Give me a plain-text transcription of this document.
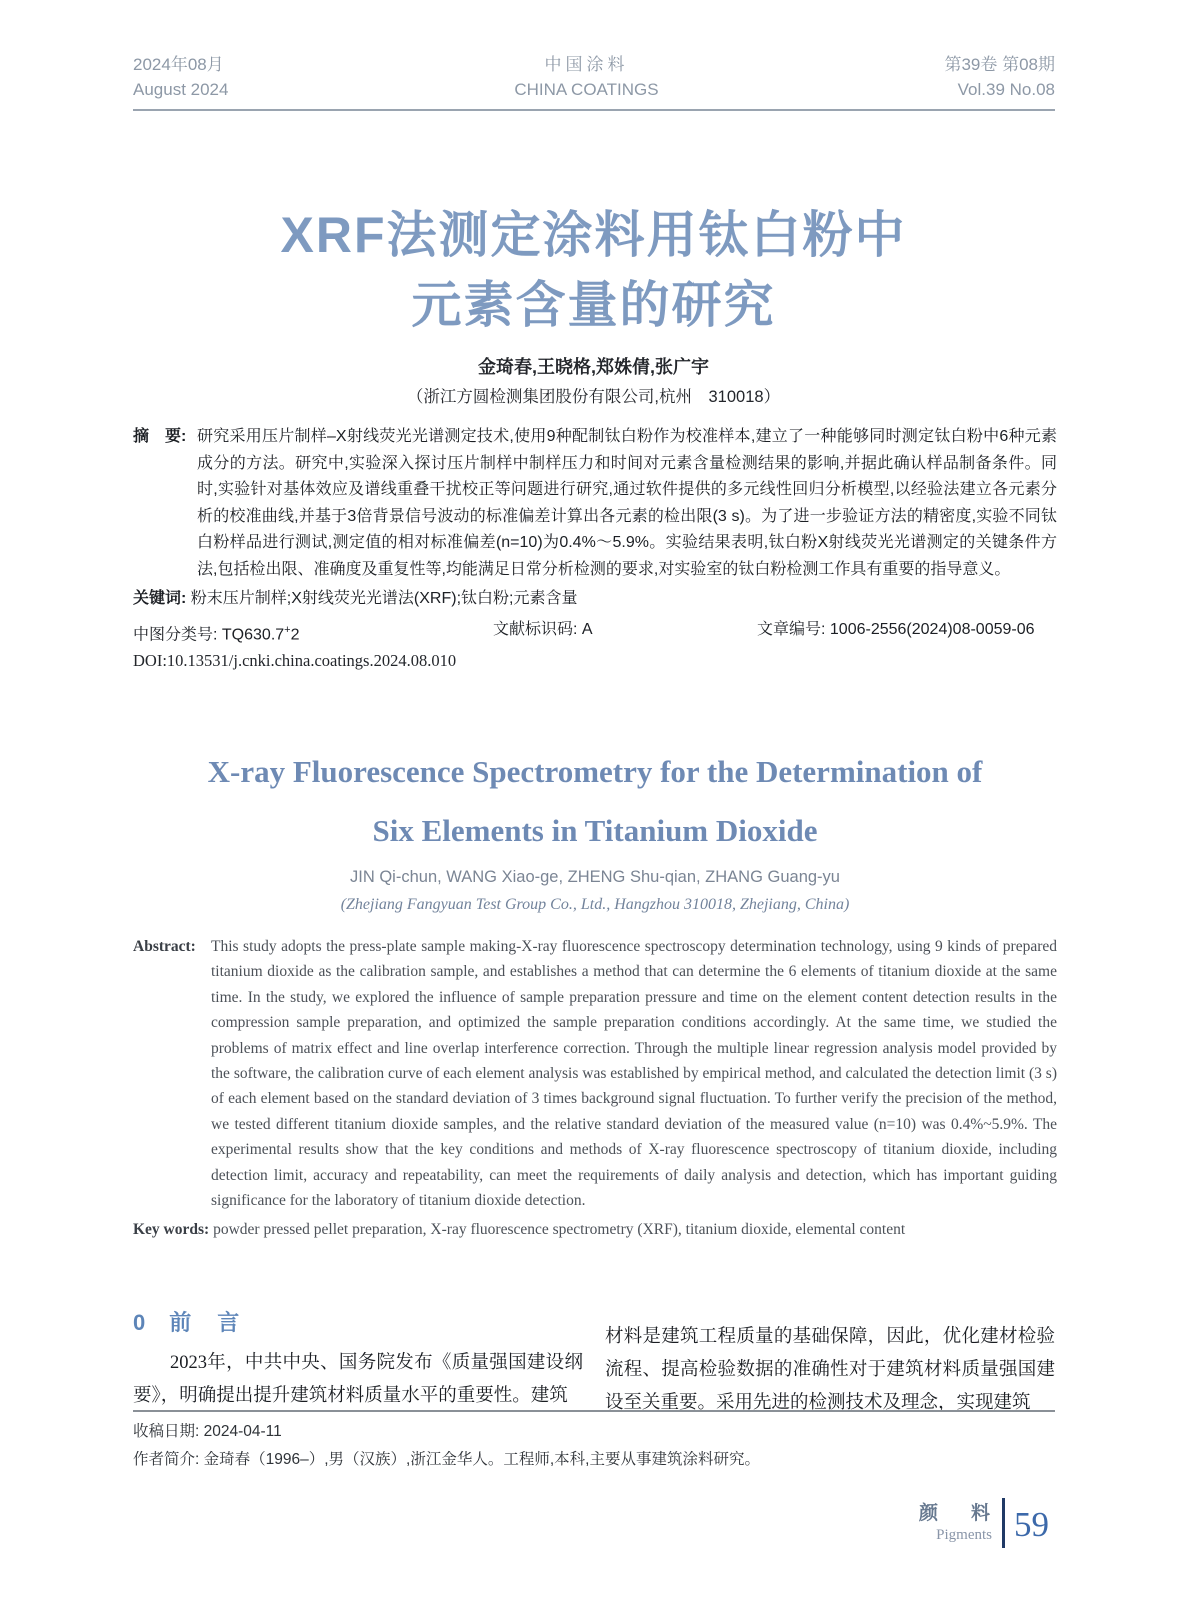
2024年08月
August 2024
中国涂料
CHINA COATINGS
第39卷 第08期
Vol.39 No.08
XRF法测定涂料用钛白粉中
元素含量的研究
金琦春,王晓格,郑姝倩,张广宇
（浙江方圆检测集团股份有限公司,杭州　310018）
摘　要: 研究采用压片制样–X射线荧光光谱测定技术,使用9种配制钛白粉作为校准样本,建立了一种能够同时测定钛白粉中6种元素成分的方法。研究中,实验深入探讨压片制样中制样压力和时间对元素含量检测结果的影响,并据此确认样品制备条件。同时,实验针对基体效应及谱线重叠干扰校正等问题进行研究,通过软件提供的多元线性回归分析模型,以经验法建立各元素分析的校准曲线,并基于3倍背景信号波动的标准偏差计算出各元素的检出限(3 s)。为了进一步验证方法的精密度,实验不同钛白粉样品进行测试,测定值的相对标准偏差(n=10)为0.4%～5.9%。实验结果表明,钛白粉X射线荧光光谱测定的关键条件方法,包括检出限、准确度及重复性等,均能满足日常分析检测的要求,对实验室的钛白粉检测工作具有重要的指导意义。
关键词: 粉末压片制样;X射线荧光光谱法(XRF);钛白粉;元素含量
中图分类号: TQ630.7+2	文献标识码: A	文章编号: 1006-2556(2024)08-0059-06
DOI:10.13531/j.cnki.china.coatings.2024.08.010
X-ray Fluorescence Spectrometry for the Determination of
Six Elements in Titanium Dioxide
JIN Qi-chun, WANG Xiao-ge, ZHENG Shu-qian, ZHANG Guang-yu
(Zhejiang Fangyuan Test Group Co., Ltd., Hangzhou 310018, Zhejiang, China)
Abstract: This study adopts the press-plate sample making-X-ray fluorescence spectroscopy determination technology, using 9 kinds of prepared titanium dioxide as the calibration sample, and establishes a method that can determine the 6 elements of titanium dioxide at the same time. In the study, we explored the influence of sample preparation pressure and time on the element content detection results in the compression sample preparation, and optimized the sample preparation conditions accordingly. At the same time, we studied the problems of matrix effect and line overlap interference correction. Through the multiple linear regression analysis model provided by the software, the calibration curve of each element analysis was established by empirical method, and calculated the detection limit (3 s) of each element based on the standard deviation of 3 times background signal fluctuation. To further verify the precision of the method, we tested different titanium dioxide samples, and the relative standard deviation of the measured value (n=10) was 0.4%~5.9%. The experimental results show that the key conditions and methods of X-ray fluorescence spectroscopy of titanium dioxide, including detection limit, accuracy and repeatability, can meet the requirements of daily analysis and detection, which has important guiding significance for the laboratory of titanium dioxide detection.
Key words: powder pressed pellet preparation, X-ray fluorescence spectrometry (XRF), titanium dioxide, elemental content
0 前　言

2023年，中共中央、国务院发布《质量强国建设纲要》，明确提出提升建筑材料质量水平的重要性。建筑

材料是建筑工程质量的基础保障，因此，优化建材检验流程、提高检验数据的准确性对于建筑材料质量强国建设至关重要。采用先进的检测技术及理念，实现建筑

收稿日期: 2024-04-11
作者简介: 金琦春（1996–）,男（汉族）,浙江金华人。工程师,本科,主要从事建筑涂料研究。
颜　料
Pigments 59
